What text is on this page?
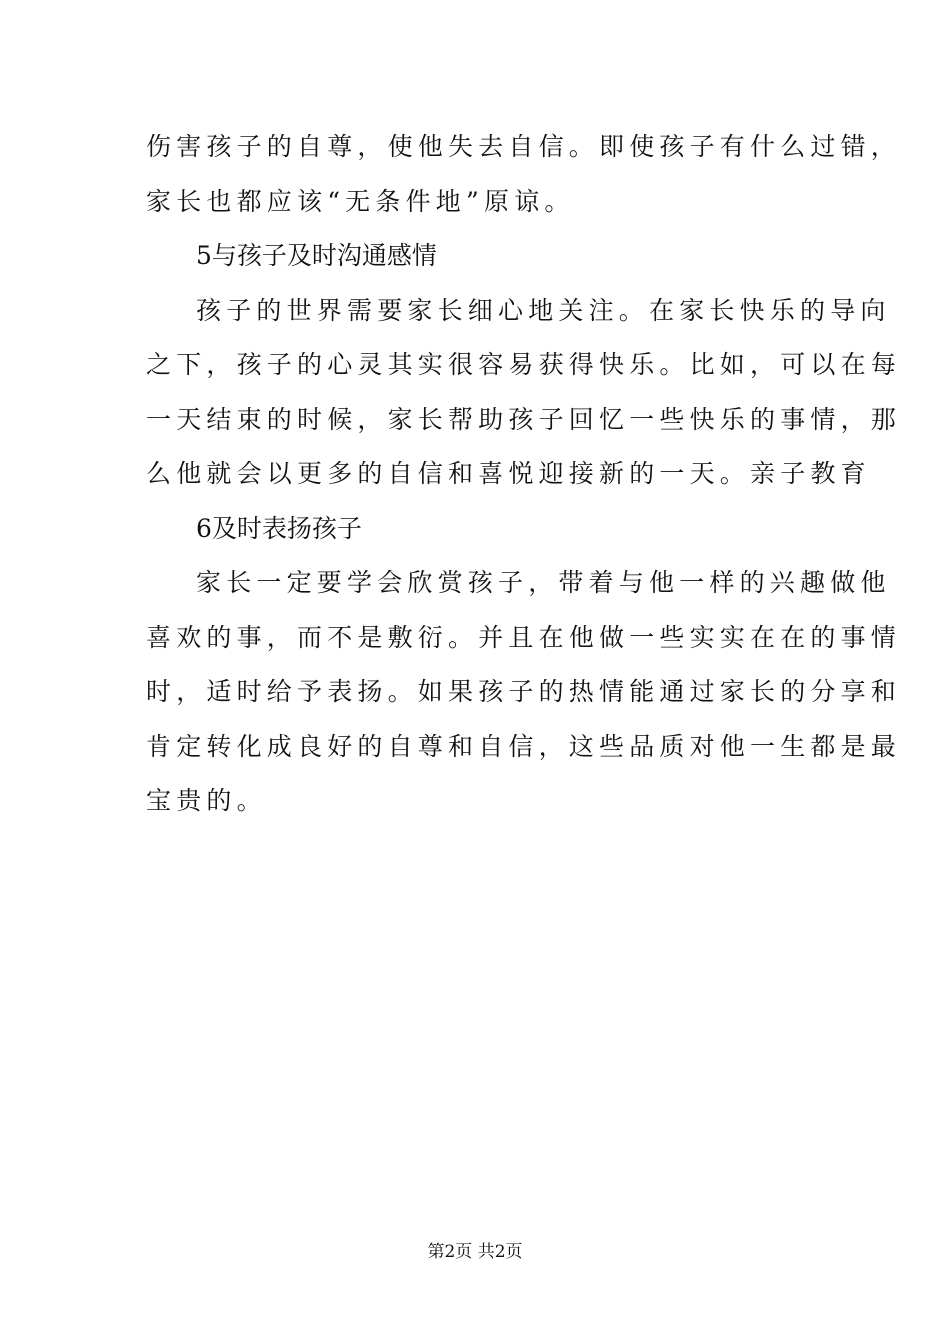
伤害孩子的自尊，使他失去自信。即使孩子有什么过错，
家长也都应该“无条件地”原谅。
5与孩子及时沟通感情
孩子的世界需要家长细心地关注。在家长快乐的导向
之下，孩子的心灵其实很容易获得快乐。比如，可以在每
一天结束的时候，家长帮助孩子回忆一些快乐的事情，那
么他就会以更多的自信和喜悦迎接新的一天。亲子教育
6及时表扬孩子
家长一定要学会欣赏孩子，带着与他一样的兴趣做他
喜欢的事，而不是敷衍。并且在他做一些实实在在的事情
时，适时给予表扬。如果孩子的热情能通过家长的分享和
肯定转化成良好的自尊和自信，这些品质对他一生都是最
宝贵的。
第2页 共2页
